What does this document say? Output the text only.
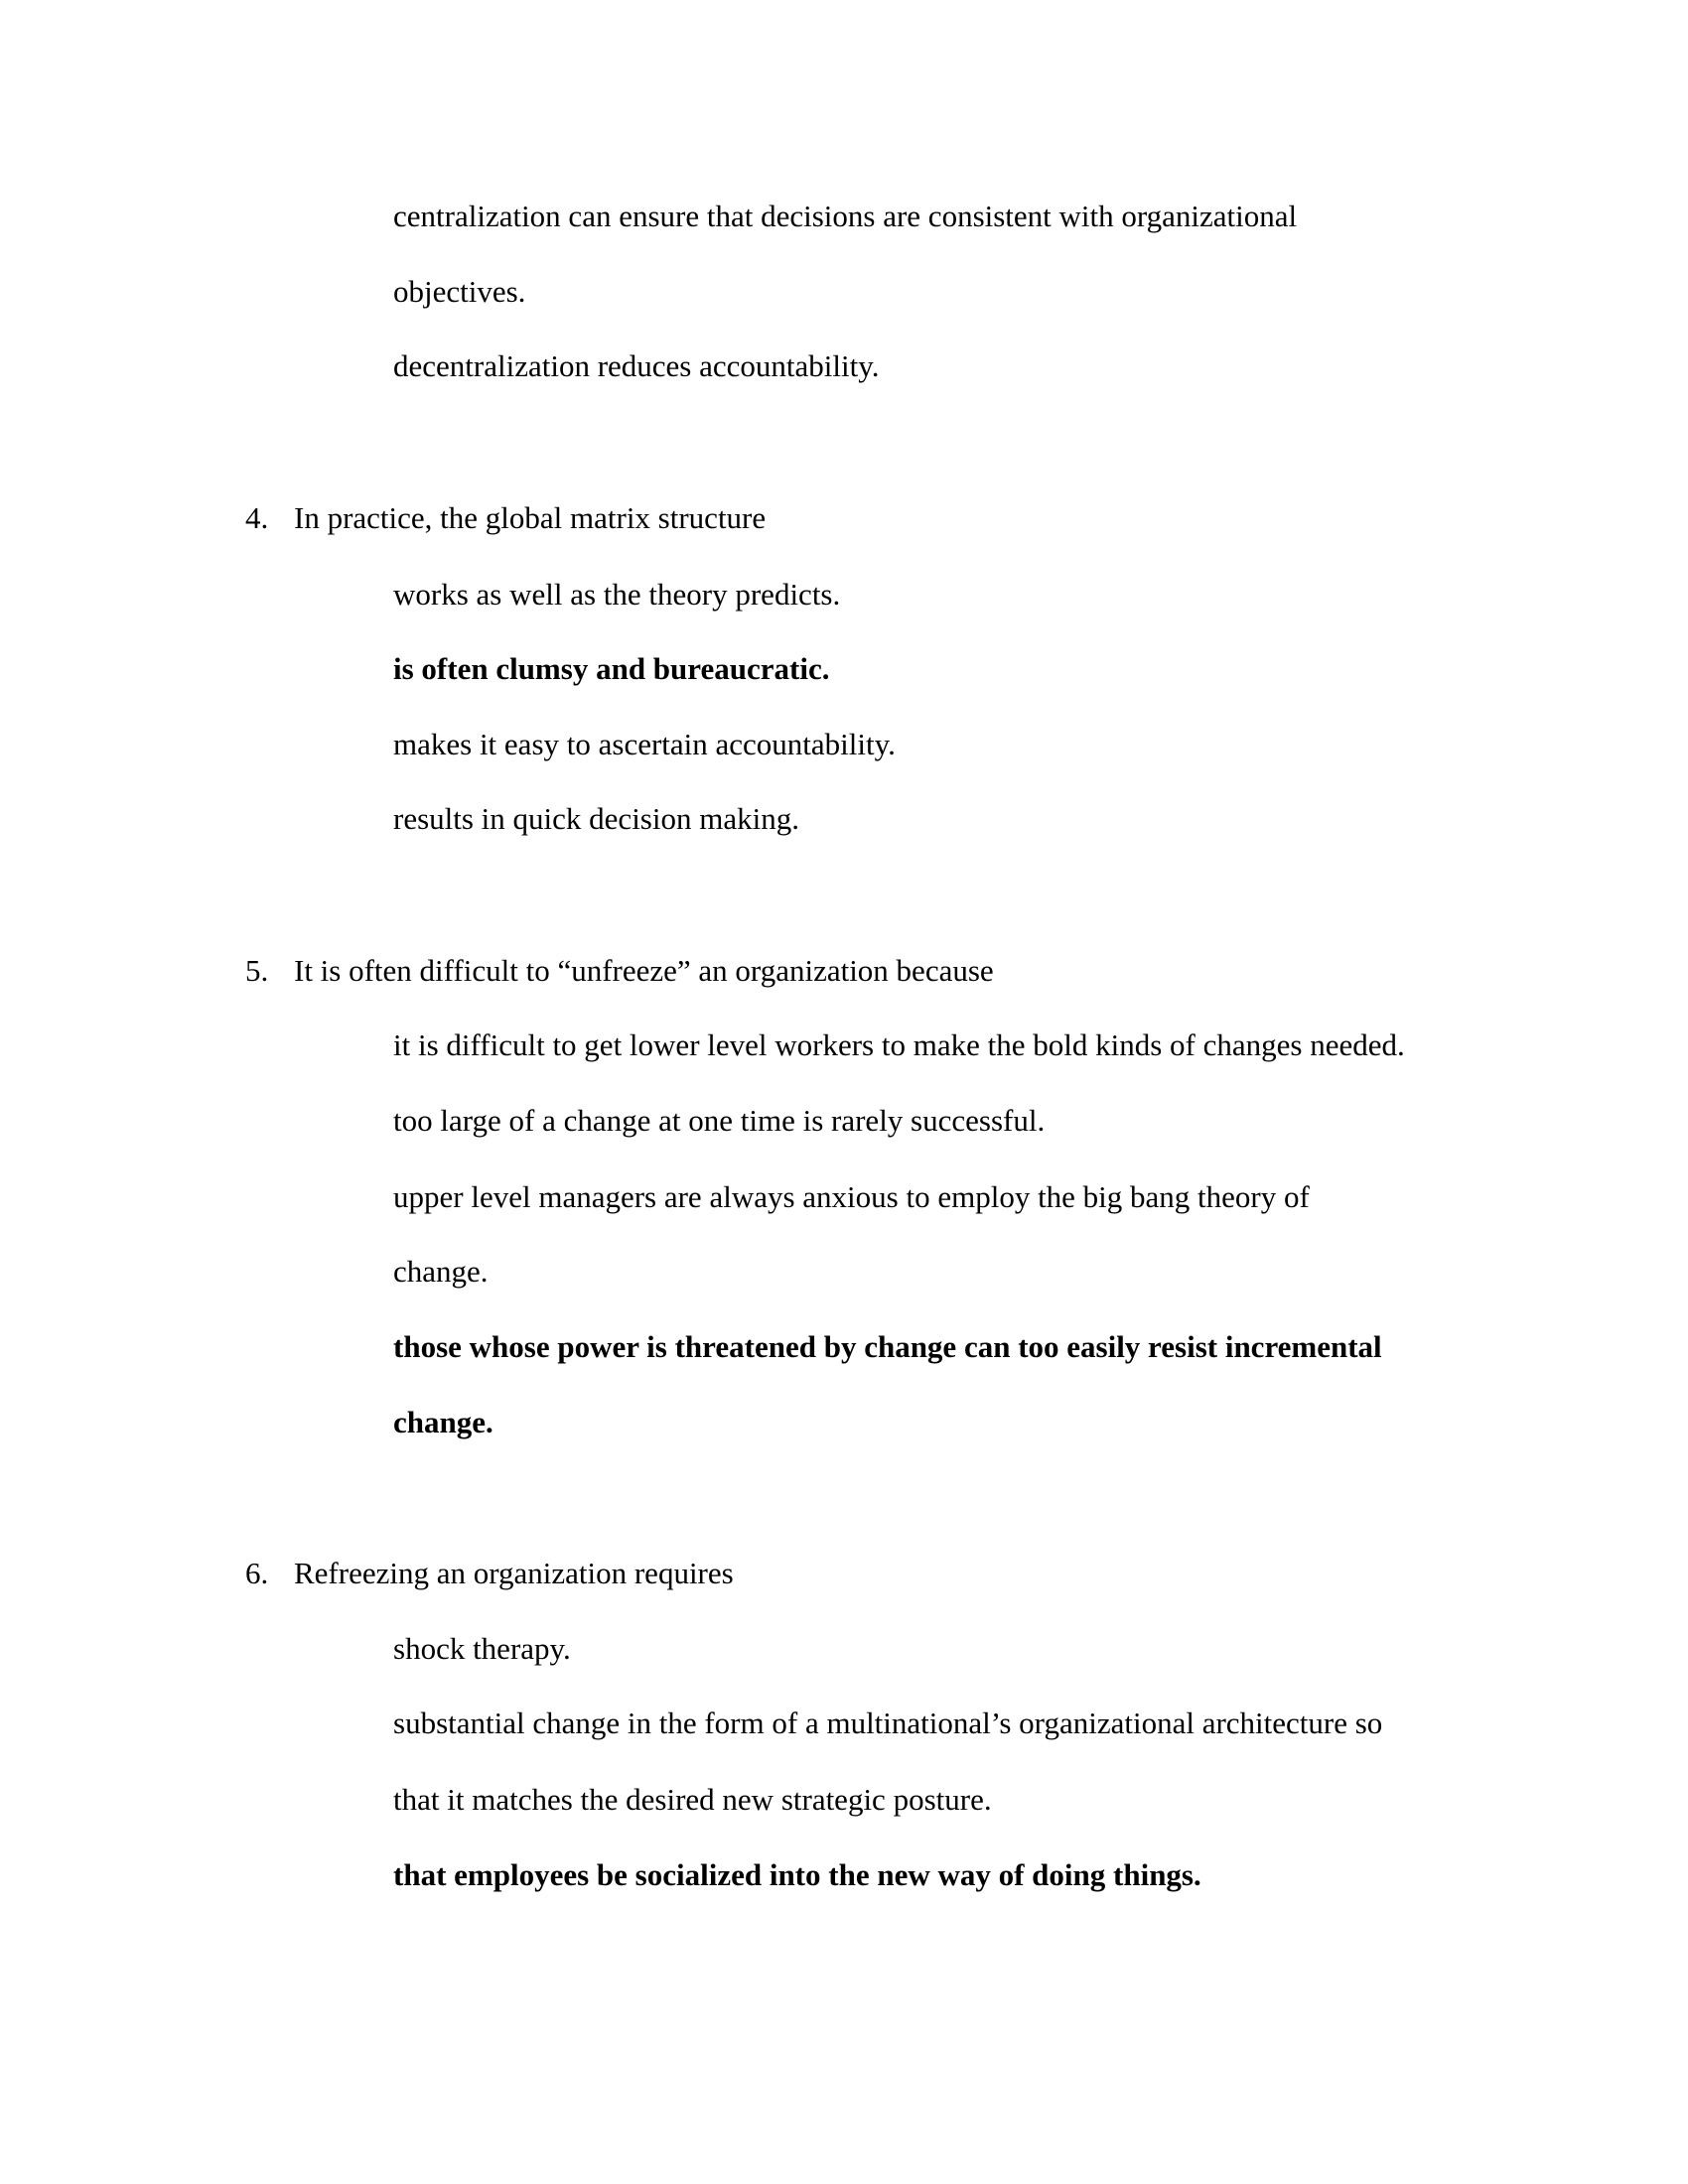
centralization can ensure that decisions are consistent with organizational
objectives.
decentralization reduces accountability.
4. In practice, the global matrix structure
works as well as the theory predicts.
is often clumsy and bureaucratic.
makes it easy to ascertain accountability.
results in quick decision making.
5. It is often difficult to “unfreeze” an organization because
it is difficult to get lower level workers to make the bold kinds of changes needed.
too large of a change at one time is rarely successful.
upper level managers are always anxious to employ the big bang theory of
change.
those whose power is threatened by change can too easily resist incremental
change.
6. Refreezing an organization requires
shock therapy.
substantial change in the form of a multinational’s organizational architecture so
that it matches the desired new strategic posture.
that employees be socialized into the new way of doing things.
